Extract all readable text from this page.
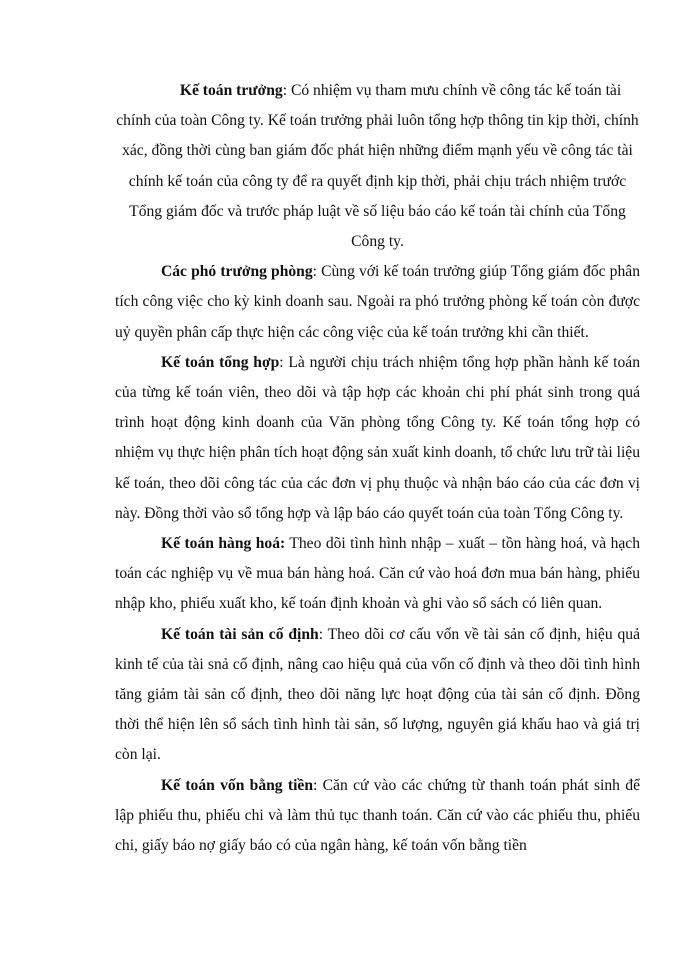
Kế toán trưởng: Có nhiệm vụ tham mưu chính về công tác kế toán tài chính của toàn Công ty. Kế toán trưởng phải luôn tổng hợp thông tin kịp thời, chính xác, đồng thời cùng ban giám đốc phát hiện những điểm mạnh yếu về công tác tài chính kế toán của công ty để ra quyết định kịp thời, phải chịu trách nhiệm trước Tổng giám đốc và trước pháp luật về số liệu báo cáo kế toán tài chính của Tổng Công ty.

Các phó trưởng phòng: Cùng với kế toán trưởng giúp Tổng giám đốc phân tích công việc cho kỳ kinh doanh sau. Ngoài ra phó trưởng phòng kế toán còn được uỷ quyền phân cấp thực hiện các công việc của kế toán trưởng khi cần thiết.

Kế toán tổng hợp: Là người chịu trách nhiệm tổng hợp phần hành kế toán của từng kế toán viên, theo dõi và tập hợp các khoản chi phí phát sinh trong quá trình hoạt động kinh doanh của Văn phòng tổng Công ty. Kế toán tổng hợp có nhiệm vụ thực hiện phân tích hoạt động sản xuất kinh doanh, tổ chức lưu trữ tài liệu kế toán, theo dõi công tác của các đơn vị phụ thuộc và nhận báo cáo của các đơn vị này. Đồng thời vào sổ tổng hợp và lập báo cáo quyết toán của toàn Tổng Công ty.

Kế toán hàng hoá: Theo dõi tình hình nhập – xuất – tồn hàng hoá, và hạch toán các nghiệp vụ về mua bán hàng hoá. Căn cứ vào hoá đơn mua bán hàng, phiếu nhập kho, phiếu xuất kho, kế toán định khoản và ghi vào sổ sách có liên quan.

Kế toán tài sản cố định: Theo dõi cơ cấu vốn về tài sản cố định, hiệu quả kinh tế của tài snả cố định, nâng cao hiệu quả của vốn cố định và theo dõi tình hình tăng giảm tài sản cố định, theo dõi năng lực hoạt động của tài sản cố định. Đồng thời thể hiện lên sổ sách tình hình tài sản, số lượng, nguyên giá khấu hao và giá trị còn lại.

Kế toán vốn bằng tiền: Căn cứ vào các chứng từ thanh toán phát sinh để lập phiếu thu, phiếu chi và làm thủ tục thanh toán. Căn cứ vào các phiếu thu, phiếu chi, giấy báo nợ giấy báo có của ngân hàng, kế toán vốn bằng tiền
